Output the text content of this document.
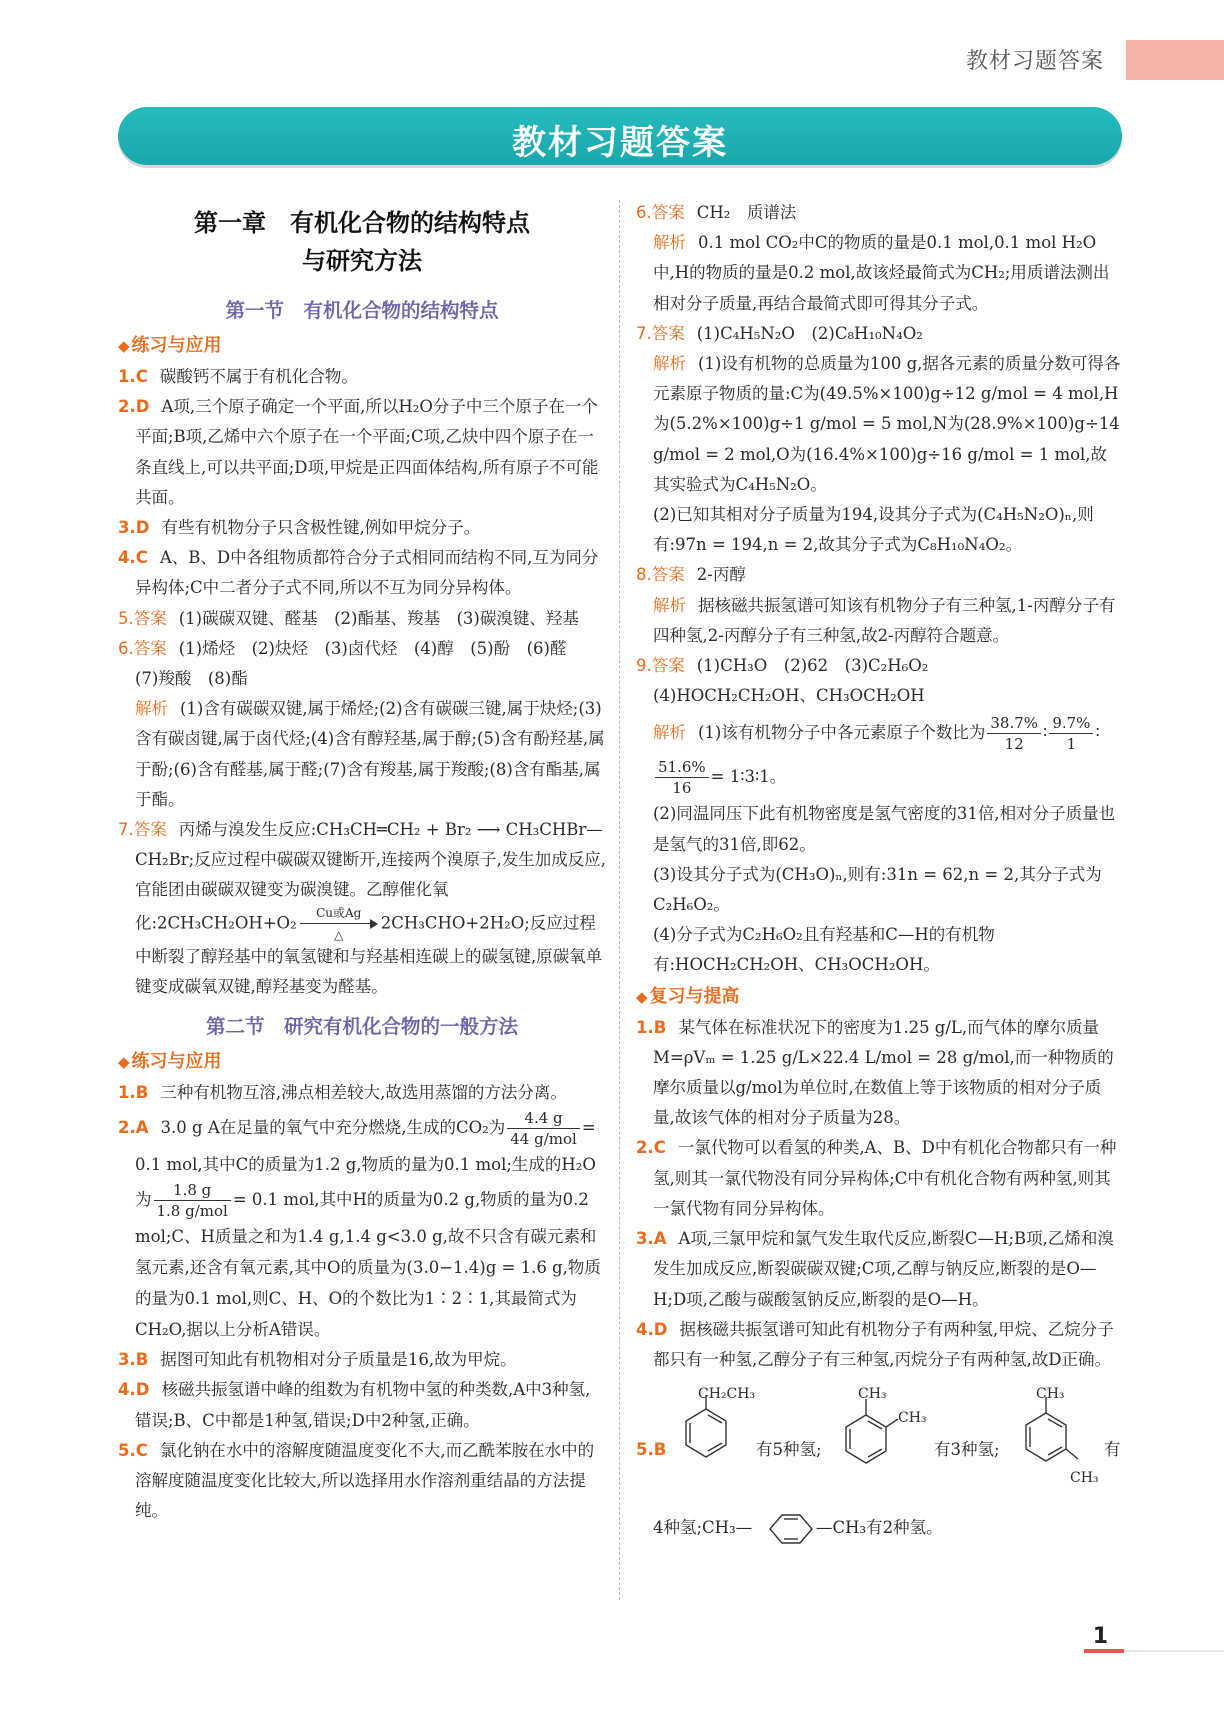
教材习题答案
教材习题答案
第一章　有机化合物的结构特点
与研究方法
第一节　有机化合物的结构特点
◆ 练习与应用

1.C 碳酸钙不属于有机化合物。

2.D A项,三个原子确定一个平面,所以H₂O分子中三个原子在一个平面;B项,乙烯中六个原子在一个平面;C项,乙炔中四个原子在一条直线上,可以共平面;D项,甲烷是正四面体结构,所有原子不可能共面。

3.D 有些有机物分子只含极性键,例如甲烷分子。

4.C A、B、D中各组物质都符合分子式相同而结构不同,互为同分异构体;C中二者分子式不同,所以不互为同分异构体。

5.答案 (1)碳碳双键、醛基　(2)酯基、羧基　(3)碳溴键、羟基

6.答案 (1)烯烃　(2)炔烃　(3)卤代烃　(4)醇　(5)酚　(6)醛　(7)羧酸　(8)酯

解析 (1)含有碳碳双键,属于烯烃;(2)含有碳碳三键,属于炔烃;(3)含有碳卤键,属于卤代烃;(4)含有醇羟基,属于醇;(5)含有酚羟基,属于酚;(6)含有醛基,属于醛;(7)含有羧基,属于羧酸;(8)含有酯基,属于酯。

7.答案 丙烯与溴发生反应:CH₃CH═CH₂ + Br₂ ⟶ CH₃CHBr—CH₂Br;反应过程中碳碳双键断开,连接两个溴原子,发生加成反应,官能团由碳碳双键变为碳溴键。乙醇催化氧化:2CH₃CH₂OH+O₂
Cu或Ag
△
2CH₃CHO+2H₂O;反应过程中断裂了醇羟基中的氧氢键和与羟基相连碳上的碳氢键,原碳氧单键变成碳氧双键,醇羟基变为醛基。

第二节　研究有机化合物的一般方法
◆ 练习与应用

1.B 三种有机物互溶,沸点相差较大,故选用蒸馏的方法分离。

2.A 3.0 g A在足量的氧气中充分燃烧,生成的CO₂为 $\frac{4.4 g}{\text{44 g/mol}} = 0.1$ mol,其中C的质量为1.2 g,物质的量为0.1 mol;生成的H₂O为 $\frac{1.8 g}{\text{1.8 g/mol}} = 0.1$ mol,其中H的质量为0.2 g,物质的量为0.2 mol;C、H质量之和为1.4 g,1.4 g<3.0 g,故不只含有碳元素和氢元素,还含有氧元素,其中O的质量为(3.0−1.4)g = 1.6 g,物质的量为0.1 mol,则C、H、O的个数比为1∶2∶1,其最简式为CH₂O,据以上分析A错误。

3.B 据图可知此有机物相对分子质量是16,故为甲烷。

4.D 核磁共振氢谱中峰的组数为有机物中氢的种类数,A中3种氢,错误;B、C中都是1种氢,错误;D中2种氢,正确。

5.C 氯化钠在水中的溶解度随温度变化不大,而乙酰苯胺在水中的溶解度随温度变化比较大,所以选择用水作溶剂重结晶的方法提纯。

6.答案 CH₂　质谱法

解析 0.1 mol CO₂中C的物质的量是0.1 mol,0.1 mol H₂O中,H的物质的量是0.2 mol,故该烃最简式为CH₂;用质谱法测出相对分子质量,再结合最简式即可得其分子式。

7.答案 (1)C₄H₅N₂O　(2)C₈H₁₀N₄O₂

解析 (1)设有机物的总质量为100 g,据各元素的质量分数可得各元素原子物质的量:C为(49.5%×100)g÷12 g/mol = 4 mol,H为(5.2%×100)g÷1 g/mol = 5 mol,N为(28.9%×100)g÷14 g/mol = 2 mol,O为(16.4%×100)g÷16 g/mol = 1 mol,故其实验式为C₄H₅N₂O。

(2)已知其相对分子质量为194,设其分子式为(C₄H₅N₂O)ₙ,则有:97n = 194,n = 2,故其分子式为C₈H₁₀N₄O₂。

8.答案 2-丙醇

解析 据核磁共振氢谱可知该有机物分子有三种氢,1-丙醇分子有四种氢,2-丙醇分子有三种氢,故2-丙醇符合题意。

9.答案 (1)CH₃O　(2)62　(3)C₂H₆O₂

(4)HOCH₂CH₂OH、CH₃OCH₂OH

解析 (1)该有机物分子中各元素原子个数比为 $\frac{38.7\%}{12}$ ∶ $\frac{9.7\%}{1}$ ∶
$\frac{51.6\%}{16}$ = 1∶3∶1。

(2)同温同压下此有机物密度是氢气密度的31倍,相对分子质量也是氢气的31倍,即62。

(3)设其分子式为(CH₃O)ₙ,则有:31n = 62,n = 2,其分子式为C₂H₆O₂。

(4)分子式为C₂H₆O₂且有羟基和C—H的有机物有:HOCH₂CH₂OH、CH₃OCH₂OH。

◆ 复习与提高

1.B 某气体在标准状况下的密度为1.25 g/L,而气体的摩尔质量M=ρVₘ = 1.25 g/L×22.4 L/mol = 28 g/mol,而一种物质的摩尔质量以g/mol为单位时,在数值上等于该物质的相对分子质量,故该气体的相对分子质量为28。

2.C 一氯代物可以看氢的种类,A、B、D中有机化合物都只有一种氢,则其一氯代物没有同分异构体;C中有机化合物有两种氢,则其一氯代物有同分异构体。

3.A A项,三氯甲烷和氯气发生取代反应,断裂C—H;B项,乙烯和溴发生加成反应,断裂碳碳双键;C项,乙醇与钠反应,断裂的是O—H;D项,乙酸与碳酸氢钠反应,断裂的是O—H。

4.D 据核磁共振氢谱可知此有机物分子有两种氢,甲烷、乙烷分子都只有一种氢,乙醇分子有三种氢,丙烷分子有两种氢,故D正确。

5.B
CH₂CH₃
有5种氢;
CH₃
CH₃
有3种氢;
CH₃
CH₃
有
4种氢;CH₃—	—CH₃有2种氢。
1
